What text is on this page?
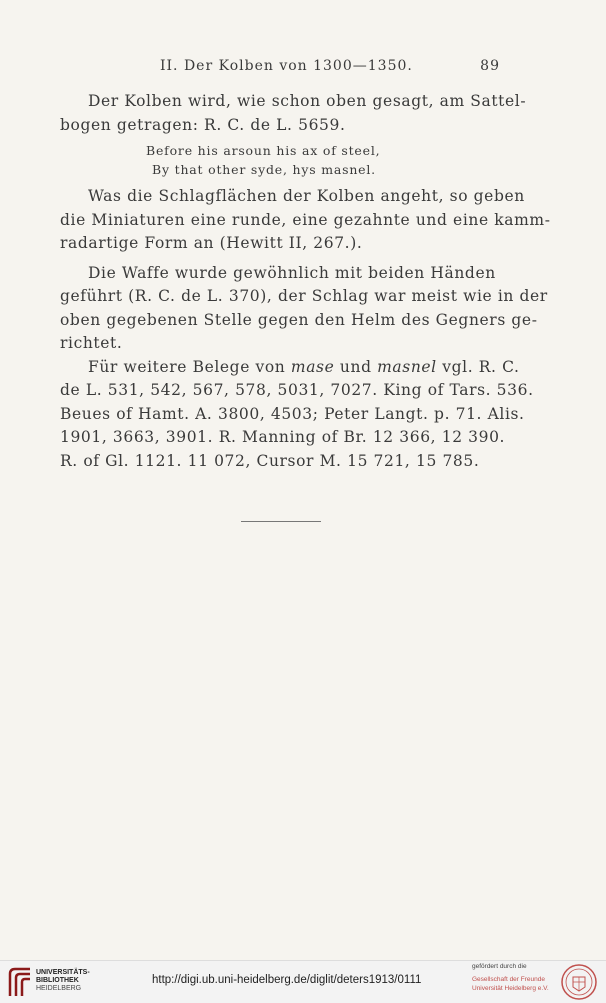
II. Der Kolben von 1300—1350.	89

Der Kolben wird, wie schon oben gesagt, am Sattel-
bogen getragen: R. C. de L. 5659.

Before his arsoun his ax of steel,
By that other syde, hys masnel.

Was die Schlagflächen der Kolben angeht, so geben
die Miniaturen eine runde, eine gezahnte und eine kamm-
radartige Form an (Hewitt II, 267.).

Die Waffe wurde gewöhnlich mit beiden Händen
geführt (R. C. de L. 370), der Schlag war meist wie in der
oben gegebenen Stelle gegen den Helm des Gegners ge-
richtet.

Für weitere Belege von mase und masnel vgl. R. C.
de L. 531, 542, 567, 578, 5031, 7027. King of Tars. 536.
Beues of Hamt. A. 3800, 4503; Peter Langt. p. 71. Alis.
1901, 3663, 3901. R. Manning of Br. 12 366, 12 390.
R. of Gl. 1121. 11 072, Cursor M. 15 721, 15 785.

UNIVERSITÄTS-
BIBLIOTHEK
HEIDELBERG
http://digi.ub.uni-heidelberg.de/diglit/deters1913/0111
gefördert durch die
Gesellschaft der Freunde
Universität Heidelberg e.V.
